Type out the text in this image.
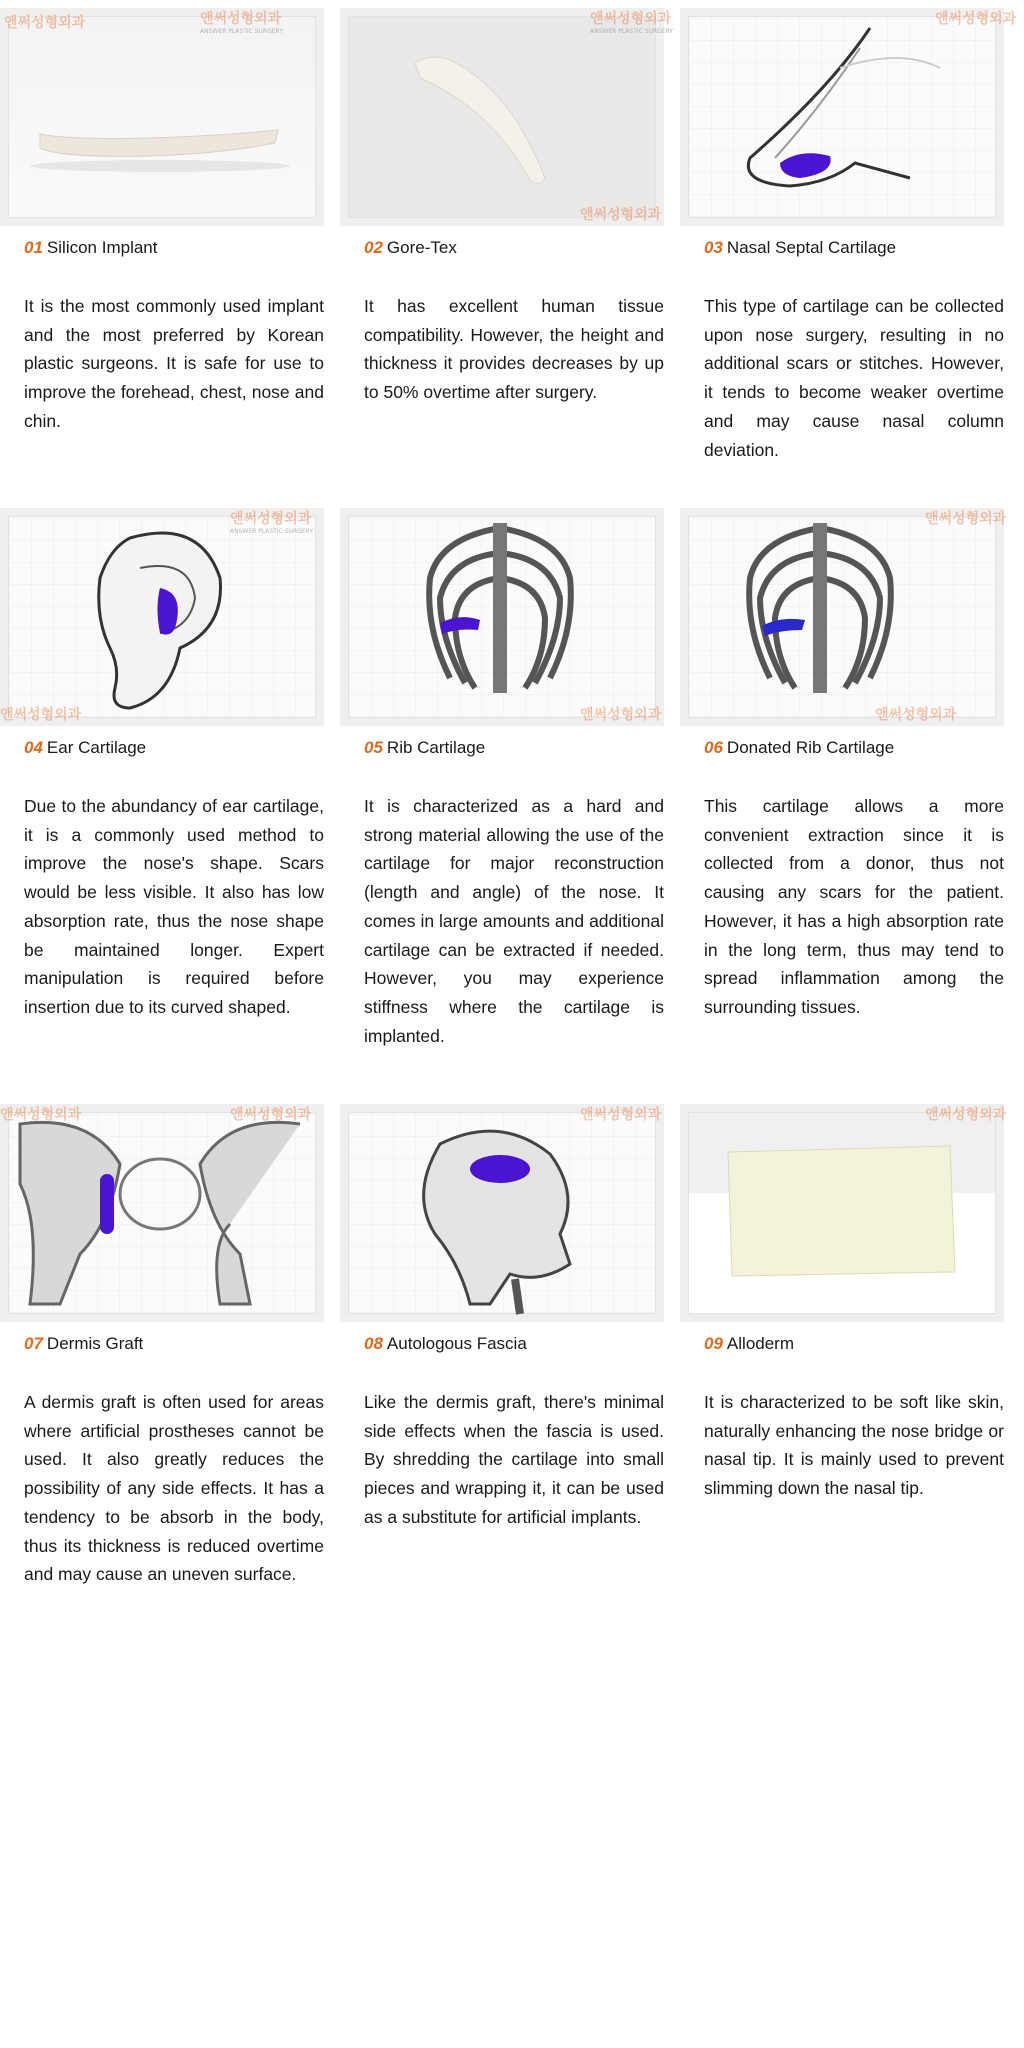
앤써성형외과	앤써성형외과
ANSWER PLASTIC SURGERY
01 Silicon Implant
It is the most commonly used implant and the most preferred by Korean plastic surgeons. It is safe for use to improve the forehead, chest, nose and chin.
앤써성형외과
ANSWER PLASTIC SURGERY
앤써성형외과
02 Gore-Tex
It has excellent human tissue compatibility. However, the height and thickness it provides decreases by up to 50% overtime after surgery.
앤써성형외과
03 Nasal Septal Cartilage
This type of cartilage can be collected upon nose surgery, resulting in no additional scars or stitches. However, it tends to become weaker overtime and may cause nasal column deviation.
앤써성형외과
ANSWER PLASTIC SURGERY
앤써성형외과
04 Ear Cartilage
Due to the abundancy of ear cartilage, it is a commonly used method to improve the nose's shape. Scars would be less visible. It also has low absorption rate, thus the nose shape be maintained longer. Expert manipulation is required before insertion due to its curved shaped.
앤써성형외과
05 Rib Cartilage
It is characterized as a hard and strong material allowing the use of the cartilage for major reconstruction (length and angle) of the nose. It comes in large amounts and additional cartilage can be extracted if needed. However, you may experience stiffness where the cartilage is implanted.
앤써성형외과
앤써성형외과
06 Donated Rib Cartilage
This cartilage allows a more convenient extraction since it is collected from a donor, thus not causing any scars for the patient. However, it has a high absorption rate in the long term, thus may tend to spread inflammation among the surrounding tissues.
앤써성형외과
앤써성형외과
07 Dermis Graft
A dermis graft is often used for areas where artificial prostheses cannot be used. It also greatly reduces the possibility of any side effects. It has a tendency to be absorb in the body, thus its thickness is reduced overtime and may cause an uneven surface.
앤써성형외과
08 Autologous Fascia
Like the dermis graft, there's minimal side effects when the fascia is used. By shredding the cartilage into small pieces and wrapping it, it can be used as a substitute for artificial implants.
앤써성형외과
09 Alloderm
It is characterized to be soft like skin, naturally enhancing the nose bridge or nasal tip. It is mainly used to prevent slimming down the nasal tip.
